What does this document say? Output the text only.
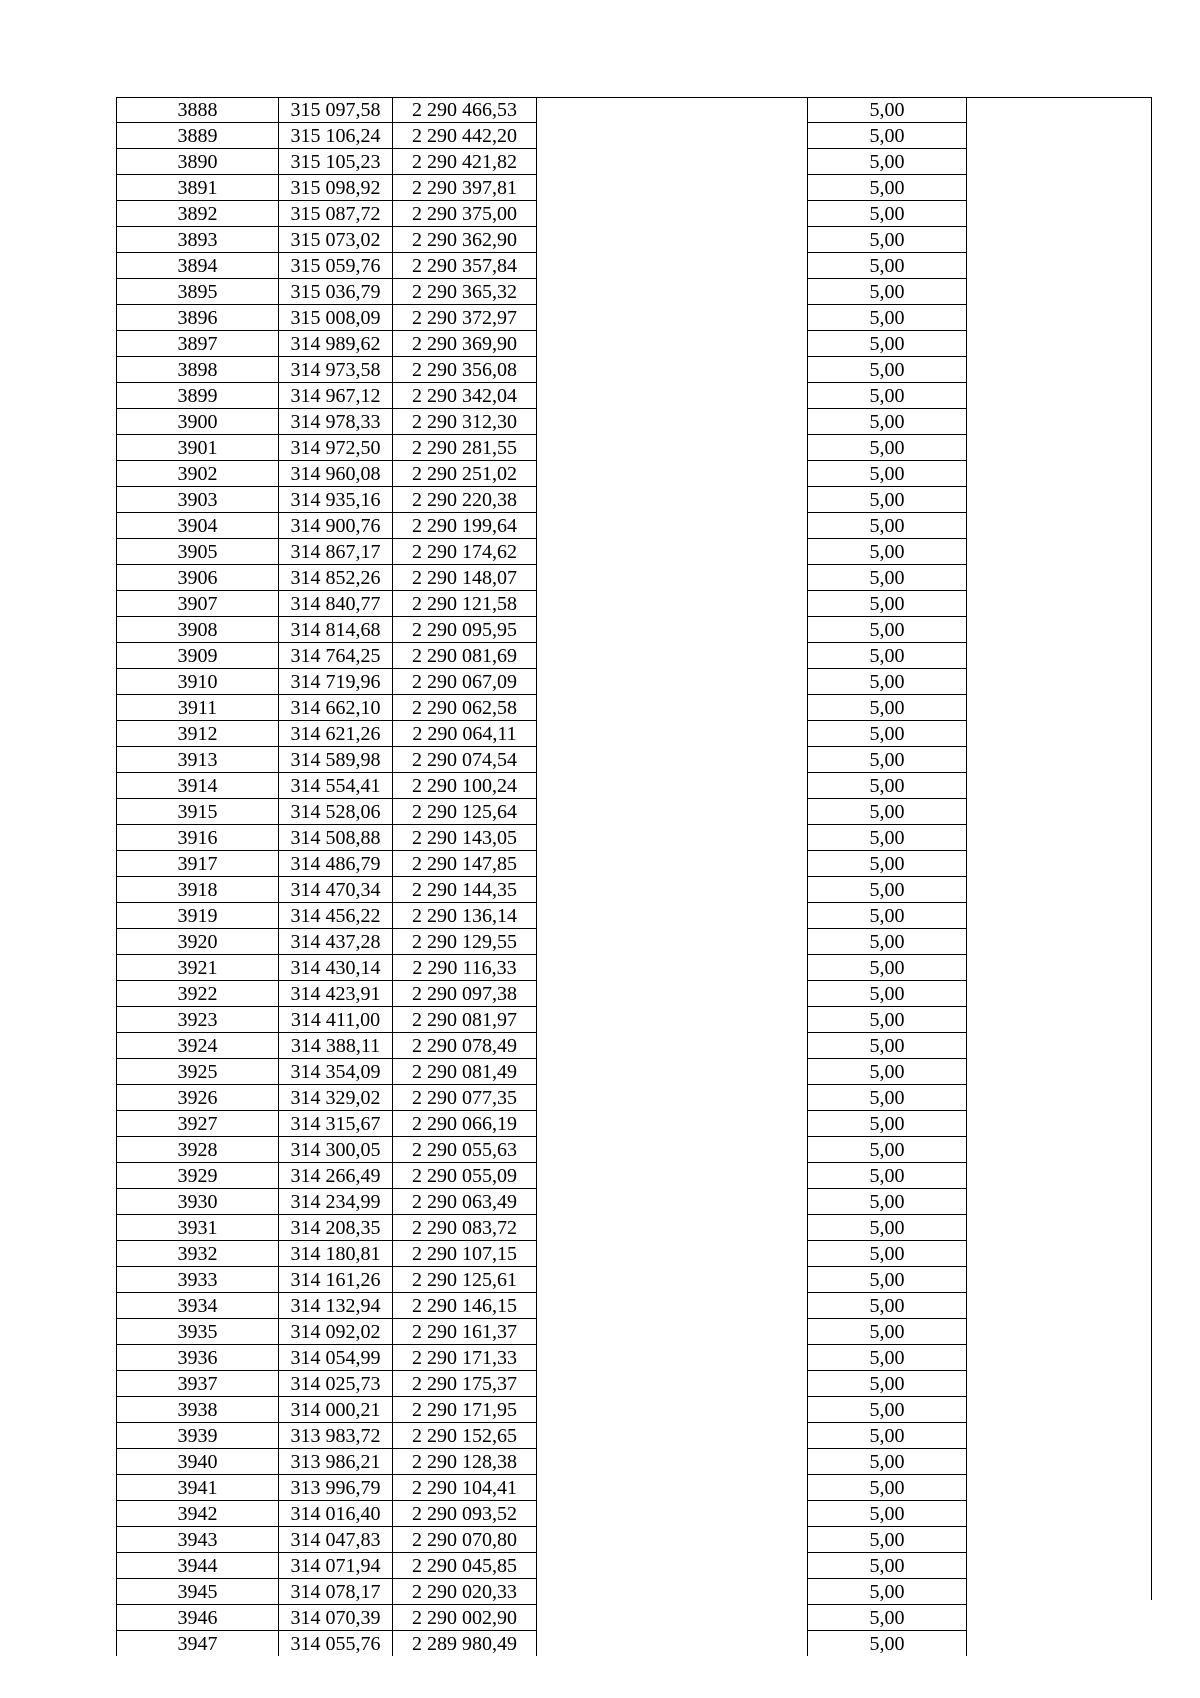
3888	315 097,58	2 290 466,53		5,00	
3889	315 106,24	2 290 442,20		5,00	
3890	315 105,23	2 290 421,82		5,00	
3891	315 098,92	2 290 397,81		5,00	
3892	315 087,72	2 290 375,00		5,00	
3893	315 073,02	2 290 362,90		5,00	
3894	315 059,76	2 290 357,84		5,00	
3895	315 036,79	2 290 365,32		5,00	
3896	315 008,09	2 290 372,97		5,00	
3897	314 989,62	2 290 369,90		5,00	
3898	314 973,58	2 290 356,08		5,00	
3899	314 967,12	2 290 342,04		5,00	
3900	314 978,33	2 290 312,30		5,00	
3901	314 972,50	2 290 281,55		5,00	
3902	314 960,08	2 290 251,02		5,00	
3903	314 935,16	2 290 220,38		5,00	
3904	314 900,76	2 290 199,64		5,00	
3905	314 867,17	2 290 174,62		5,00	
3906	314 852,26	2 290 148,07		5,00	
3907	314 840,77	2 290 121,58		5,00	
3908	314 814,68	2 290 095,95		5,00	
3909	314 764,25	2 290 081,69		5,00	
3910	314 719,96	2 290 067,09		5,00	
3911	314 662,10	2 290 062,58		5,00	
3912	314 621,26	2 290 064,11		5,00	
3913	314 589,98	2 290 074,54		5,00	
3914	314 554,41	2 290 100,24		5,00	
3915	314 528,06	2 290 125,64		5,00	
3916	314 508,88	2 290 143,05		5,00	
3917	314 486,79	2 290 147,85		5,00	
3918	314 470,34	2 290 144,35		5,00	
3919	314 456,22	2 290 136,14		5,00	
3920	314 437,28	2 290 129,55		5,00	
3921	314 430,14	2 290 116,33		5,00	
3922	314 423,91	2 290 097,38		5,00	
3923	314 411,00	2 290 081,97		5,00	
3924	314 388,11	2 290 078,49		5,00	
3925	314 354,09	2 290 081,49		5,00	
3926	314 329,02	2 290 077,35		5,00	
3927	314 315,67	2 290 066,19		5,00	
3928	314 300,05	2 290 055,63		5,00	
3929	314 266,49	2 290 055,09		5,00	
3930	314 234,99	2 290 063,49		5,00	
3931	314 208,35	2 290 083,72		5,00	
3932	314 180,81	2 290 107,15		5,00	
3933	314 161,26	2 290 125,61		5,00	
3934	314 132,94	2 290 146,15		5,00	
3935	314 092,02	2 290 161,37		5,00	
3936	314 054,99	2 290 171,33		5,00	
3937	314 025,73	2 290 175,37		5,00	
3938	314 000,21	2 290 171,95		5,00	
3939	313 983,72	2 290 152,65		5,00	
3940	313 986,21	2 290 128,38		5,00	
3941	313 996,79	2 290 104,41		5,00	
3942	314 016,40	2 290 093,52		5,00	
3943	314 047,83	2 290 070,80		5,00	
3944	314 071,94	2 290 045,85		5,00	
3945	314 078,17	2 290 020,33		5,00	
3946	314 070,39	2 290 002,90		5,00	
3947	314 055,76	2 289 980,49		5,00	
